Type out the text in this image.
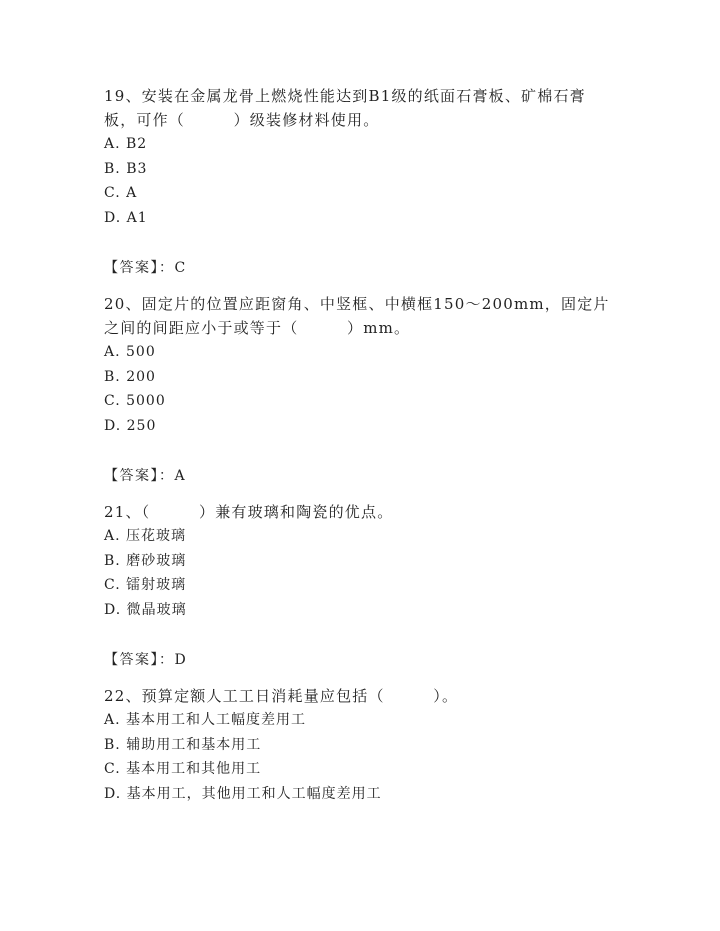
19、安装在金属龙骨上燃烧性能达到B1级的纸面石膏板、矿棉石膏板，可作（　　　）级装修材料使用。

A. B2
B. B3
C. A
D. A1
【答案】：C

20、固定片的位置应距窗角、中竖框、中横框150～200mm，固定片之间的间距应小于或等于（　　　）mm。

A. 500
B. 200
C. 5000
D. 250
【答案】：A

21、（　　　）兼有玻璃和陶瓷的优点。

A. 压花玻璃
B. 磨砂玻璃
C. 镭射玻璃
D. 微晶玻璃
【答案】：D

22、预算定额人工工日消耗量应包括（　　　）。

A. 基本用工和人工幅度差用工
B. 辅助用工和基本用工
C. 基本用工和其他用工
D. 基本用工，其他用工和人工幅度差用工
